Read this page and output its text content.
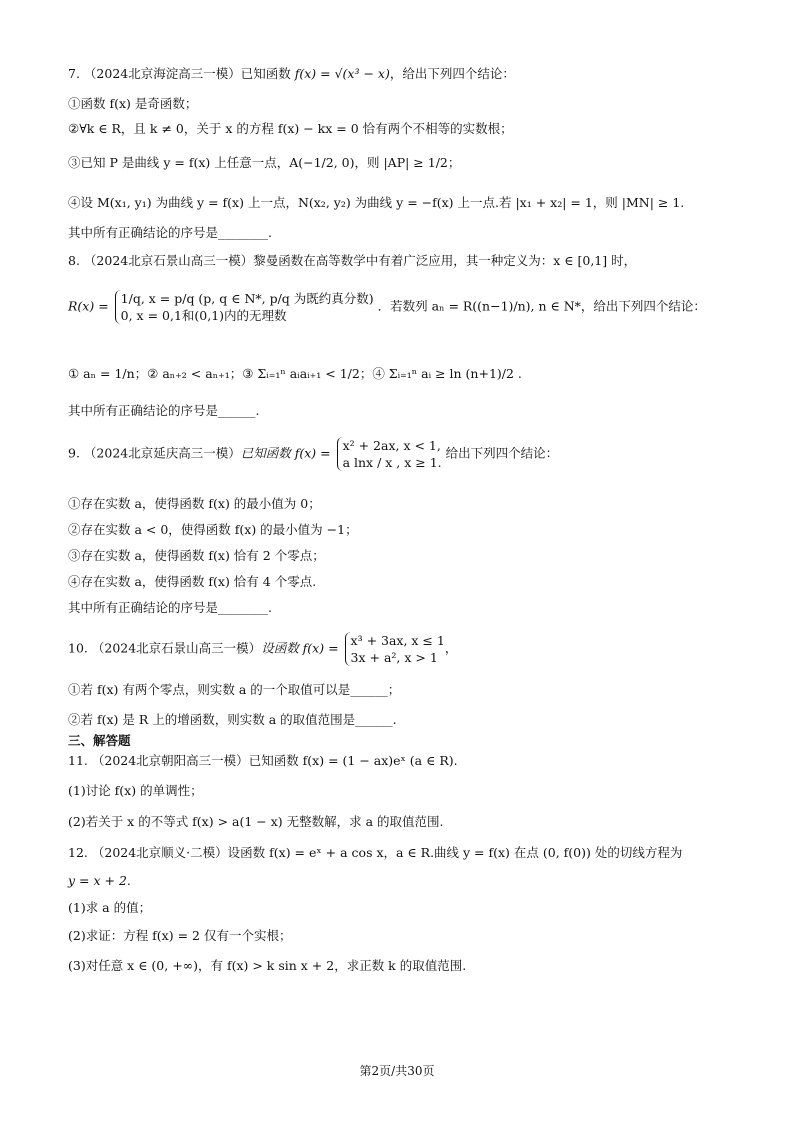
7. （2024北京海淀高三一模）已知函数 f(x) = √(x³ − x)，给出下列四个结论：
①函数 f(x) 是奇函数；
②∀k ∈ R，且 k ≠ 0，关于 x 的方程 f(x) − kx = 0 恰有两个不相等的实数根；
③已知 P 是曲线 y = f(x) 上任意一点，A(−1/2, 0)，则 |AP| ≥ 1/2；
④设 M(x₁, y₁) 为曲线 y = f(x) 上一点，N(x₂, y₂) 为曲线 y = −f(x) 上一点.若 |x₁ + x₂| = 1，则 |MN| ≥ 1.
其中所有正确结论的序号是________.
8. （2024北京石景山高三一模）黎曼函数在高等数学中有着广泛应用，其一种定义为：x ∈ [0,1] 时，
R(x) = 1/q, x = p/q (p, q ∈ N*, p/q 为既约真分数)
0, x = 0,1和(0,1)内的无理数
．若数列 aₙ = R((n−1)/n), n ∈ N*，给出下列四个结论：
① aₙ = 1/n；② aₙ₊₂ < aₙ₊₁；③ Σᵢ₌₁ⁿ aᵢaᵢ₊₁ < 1/2；④ Σᵢ₌₁ⁿ aᵢ ≥ ln (n+1)/2 .
其中所有正确结论的序号是______.
9. （2024北京延庆高三一模）已知函数 f(x) = x² + 2ax, x < 1,
a lnx / x , x ≥ 1.
给出下列四个结论：
①存在实数 a，使得函数 f(x) 的最小值为 0；
②存在实数 a < 0，使得函数 f(x) 的最小值为 −1；
③存在实数 a，使得函数 f(x) 恰有 2 个零点；
④存在实数 a，使得函数 f(x) 恰有 4 个零点.
其中所有正确结论的序号是________.
10. （2024北京石景山高三一模）设函数 f(x) = x³ + 3ax, x ≤ 1
3x + a², x > 1
，
①若 f(x) 有两个零点，则实数 a 的一个取值可以是______；
②若 f(x) 是 R 上的增函数，则实数 a 的取值范围是______.
三、解答题
11. （2024北京朝阳高三一模）已知函数 f(x) = (1 − ax)eˣ (a ∈ R).
(1)讨论 f(x) 的单调性；
(2)若关于 x 的不等式 f(x) > a(1 − x) 无整数解，求 a 的取值范围.
12. （2024北京顺义·二模）设函数 f(x) = eˣ + a cos x，a ∈ R.曲线 y = f(x) 在点 (0, f(0)) 处的切线方程为
y = x + 2.
(1)求 a 的值；
(2)求证：方程 f(x) = 2 仅有一个实根；
(3)对任意 x ∈ (0, +∞)，有 f(x) > k sin x + 2，求正数 k 的取值范围.
第2页/共30页
